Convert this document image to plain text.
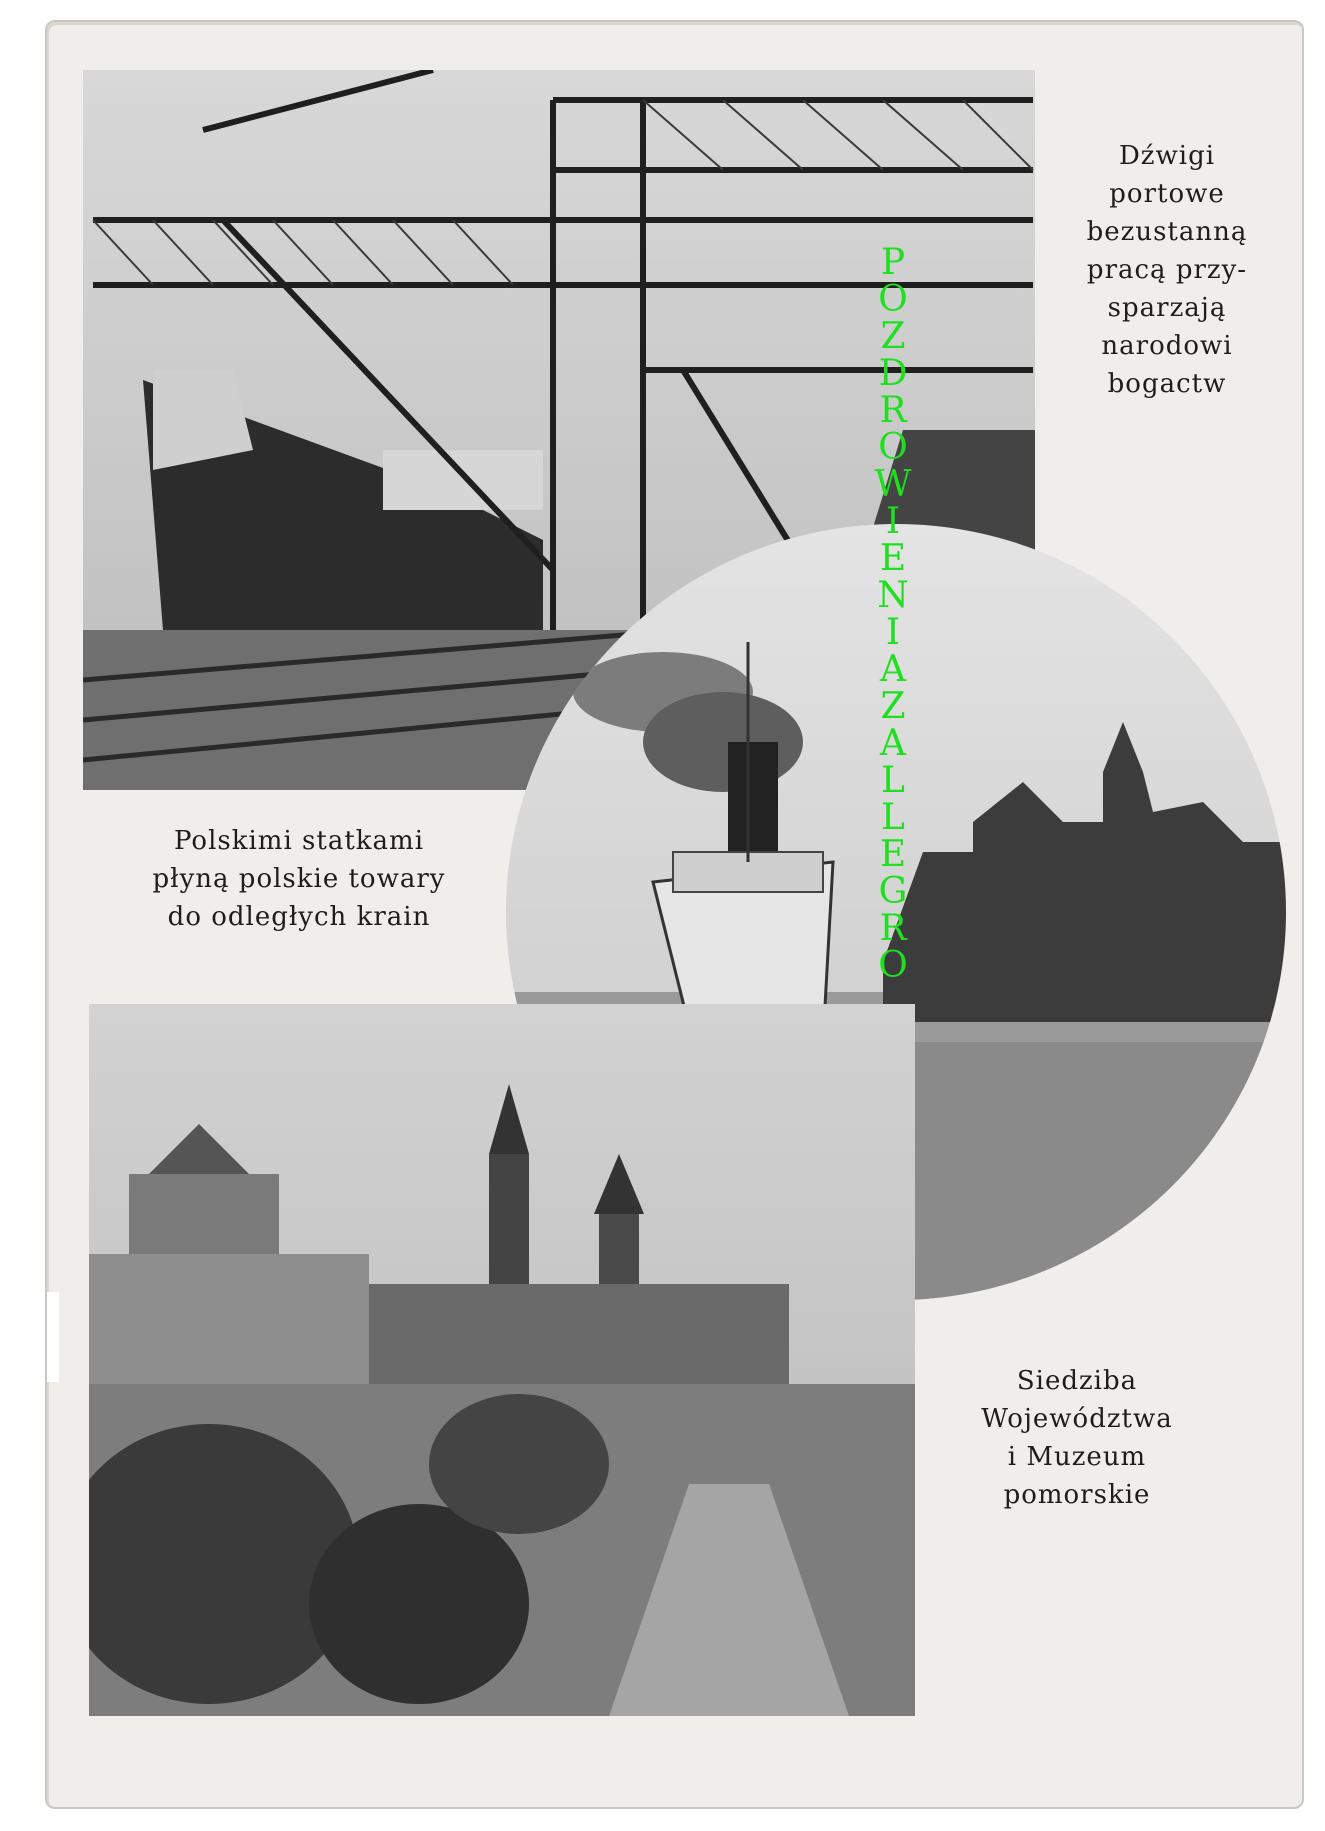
Dźwigi
portowe
bezustanną
pracą przy-
sparzają
narodowi
bogactw
Polskimi statkami
płyną polskie towary
do odległych krain
Siedziba
Województwa
i Muzeum
pomorskie
P
O
Z
D
R
O
W
I
E
N
I
A
Z
A
L
L
E
G
R
O
